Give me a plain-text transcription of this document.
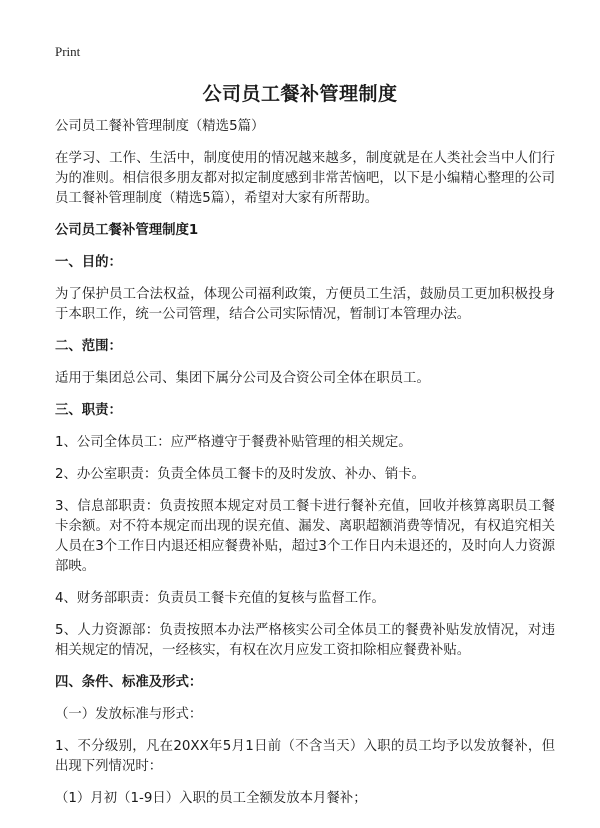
Print
公司员工餐补管理制度

公司员工餐补管理制度（精选5篇）

在学习、工作、生活中，制度使用的情况越来越多，制度就是在人类社会当中人们行为的准则。相信很多朋友都对拟定制度感到非常苦恼吧，以下是小编精心整理的公司员工餐补管理制度（精选5篇），希望对大家有所帮助。

公司员工餐补管理制度1

一、目的：

为了保护员工合法权益，体现公司福利政策，方便员工生活，鼓励员工更加积极投身于本职工作，统一公司管理，结合公司实际情况，暂制订本管理办法。

二、范围：

适用于集团总公司、集团下属分公司及合资公司全体在职员工。

三、职责：

1、公司全体员工：应严格遵守于餐费补贴管理的相关规定。

2、办公室职责：负责全体员工餐卡的及时发放、补办、销卡。

3、信息部职责：负责按照本规定对员工餐卡进行餐补充值，回收并核算离职员工餐卡余额。对不符本规定而出现的误充值、漏发、离职超额消费等情况，有权追究相关人员在3个工作日内退还相应餐费补贴，超过3个工作日内未退还的，及时向人力资源部映。

4、财务部职责：负责员工餐卡充值的复核与监督工作。

5、人力资源部：负责按照本办法严格核实公司全体员工的餐费补贴发放情况，对违相关规定的情况，一经核实，有权在次月应发工资扣除相应餐费补贴。

四、条件、标准及形式：

（一）发放标准与形式：

1、不分级别，凡在20XX年5月1日前（不含当天）入职的员工均予以发放餐补，但出现下列情况时：

（1）月初（1-9日）入职的员工全额发放本月餐补；
